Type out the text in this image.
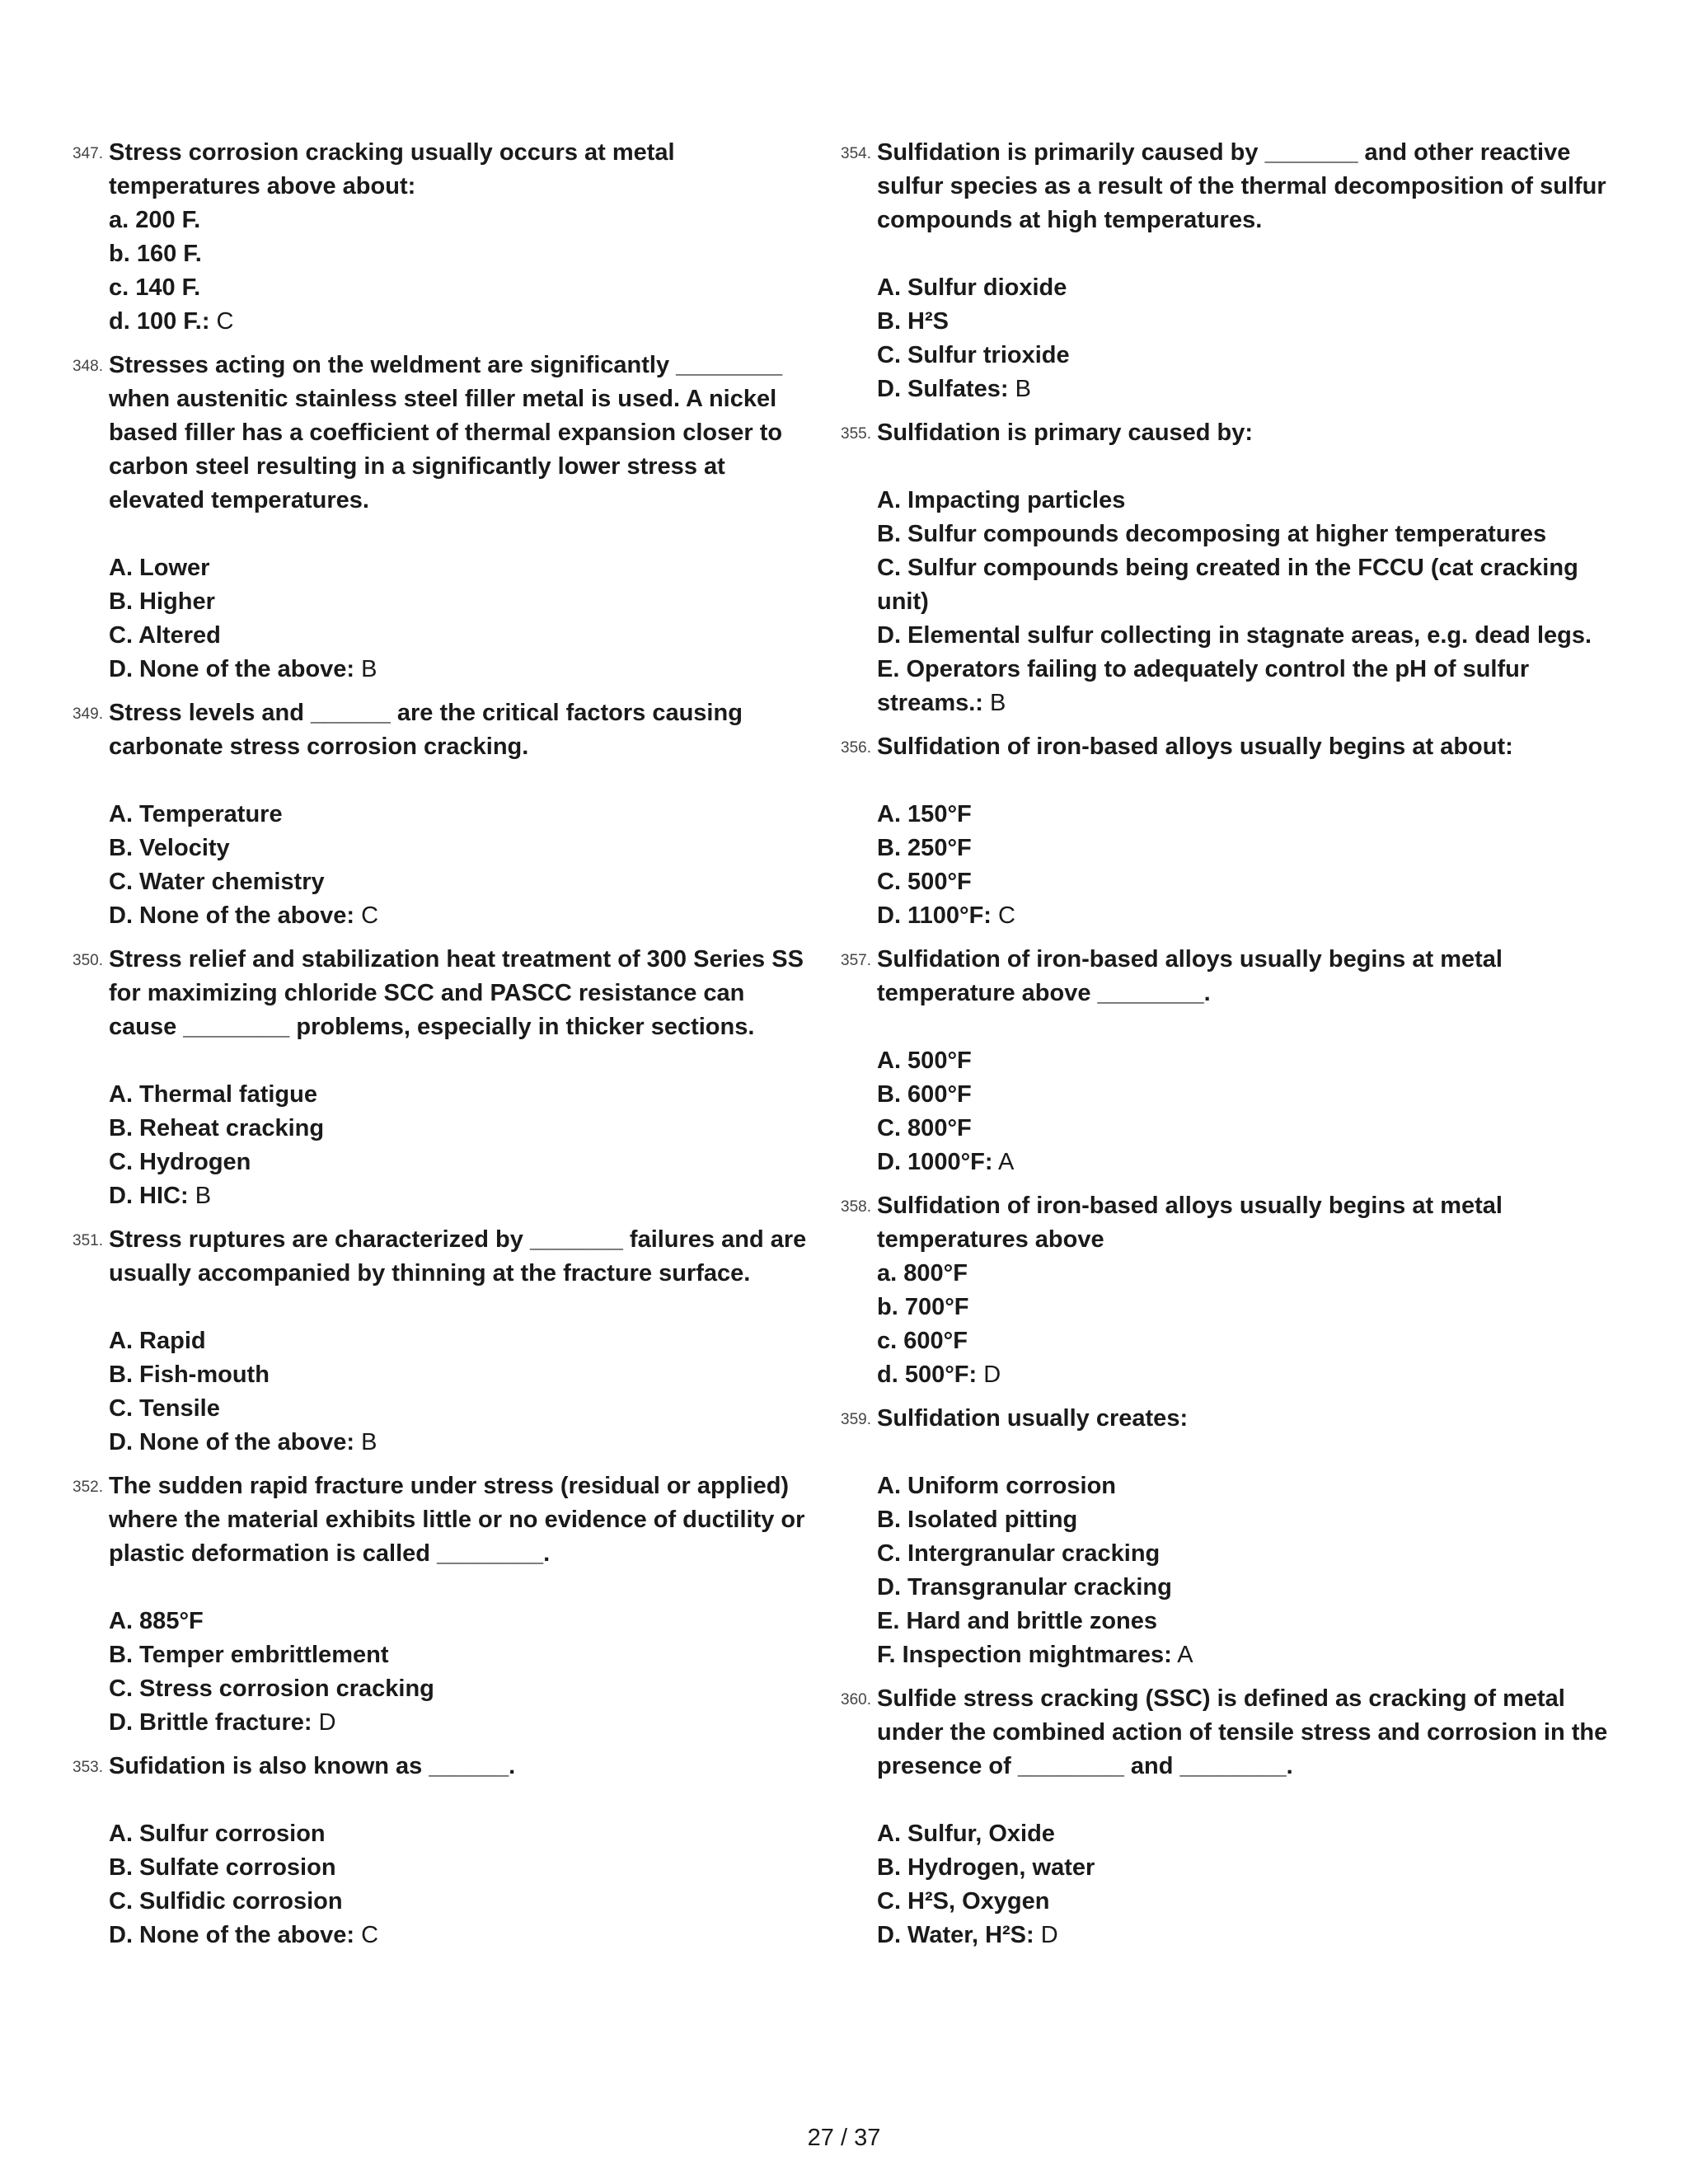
347. Stress corrosion cracking usually occurs at metal temperatures above about:
a. 200 F.
b. 160 F.
c. 140 F.
d. 100 F.: C
348. Stresses acting on the weldment are significantly ________ when austenitic stainless steel filler metal is used. A nickel based filler has a coefficient of thermal expansion closer to carbon steel resulting in a significantly lower stress at elevated temperatures.
A. Lower
B. Higher
C. Altered
D. None of the above: B
349. Stress levels and ______ are the critical factors causing carbonate stress corrosion cracking.
A. Temperature
B. Velocity
C. Water chemistry
D. None of the above: C
350. Stress relief and stabilization heat treatment of 300 Series SS for maximizing chloride SCC and PASCC resistance can cause ________ problems, especially in thicker sections.
A. Thermal fatigue
B. Reheat cracking
C. Hydrogen
D. HIC: B
351. Stress ruptures are characterized by _______ failures and are usually accompanied by thinning at the fracture surface.
A. Rapid
B. Fish-mouth
C. Tensile
D. None of the above: B
352. The sudden rapid fracture under stress (residual or applied) where the material exhibits little or no evidence of ductility or plastic deformation is called ________.
A. 885°F
B. Temper embrittlement
C. Stress corrosion cracking
D. Brittle fracture: D
353. Sufidation is also known as ______.
A. Sulfur corrosion
B. Sulfate corrosion
C. Sulfidic corrosion
D. None of the above: C
354. Sulfidation is primarily caused by _______ and other reactive sulfur species as a result of the thermal decomposition of sulfur compounds at high temperatures.
A. Sulfur dioxide
B. H²S
C. Sulfur trioxide
D. Sulfates: B
355. Sulfidation is primary caused by:
A. Impacting particles
B. Sulfur compounds decomposing at higher temperatures
C. Sulfur compounds being created in the FCCU (cat cracking unit)
D. Elemental sulfur collecting in stagnate areas, e.g. dead legs.
E. Operators failing to adequately control the pH of sulfur streams.: B
356. Sulfidation of iron-based alloys usually begins at about:
A. 150°F
B. 250°F
C. 500°F
D. 1100°F: C
357. Sulfidation of iron-based alloys usually begins at metal temperature above ________.
A. 500°F
B. 600°F
C. 800°F
D. 1000°F: A
358. Sulfidation of iron-based alloys usually begins at metal temperatures above
a. 800°F
b. 700°F
c. 600°F
d. 500°F: D
359. Sulfidation usually creates:
A. Uniform corrosion
B. Isolated pitting
C. Intergranular cracking
D. Transgranular cracking
E. Hard and brittle zones
F. Inspection mightmares: A
360. Sulfide stress cracking (SSC) is defined as cracking of metal under the combined action of tensile stress and corrosion in the presence of ________ and ________.
A. Sulfur, Oxide
B. Hydrogen, water
C. H²S, Oxygen
D. Water, H²S: D
27 / 37
